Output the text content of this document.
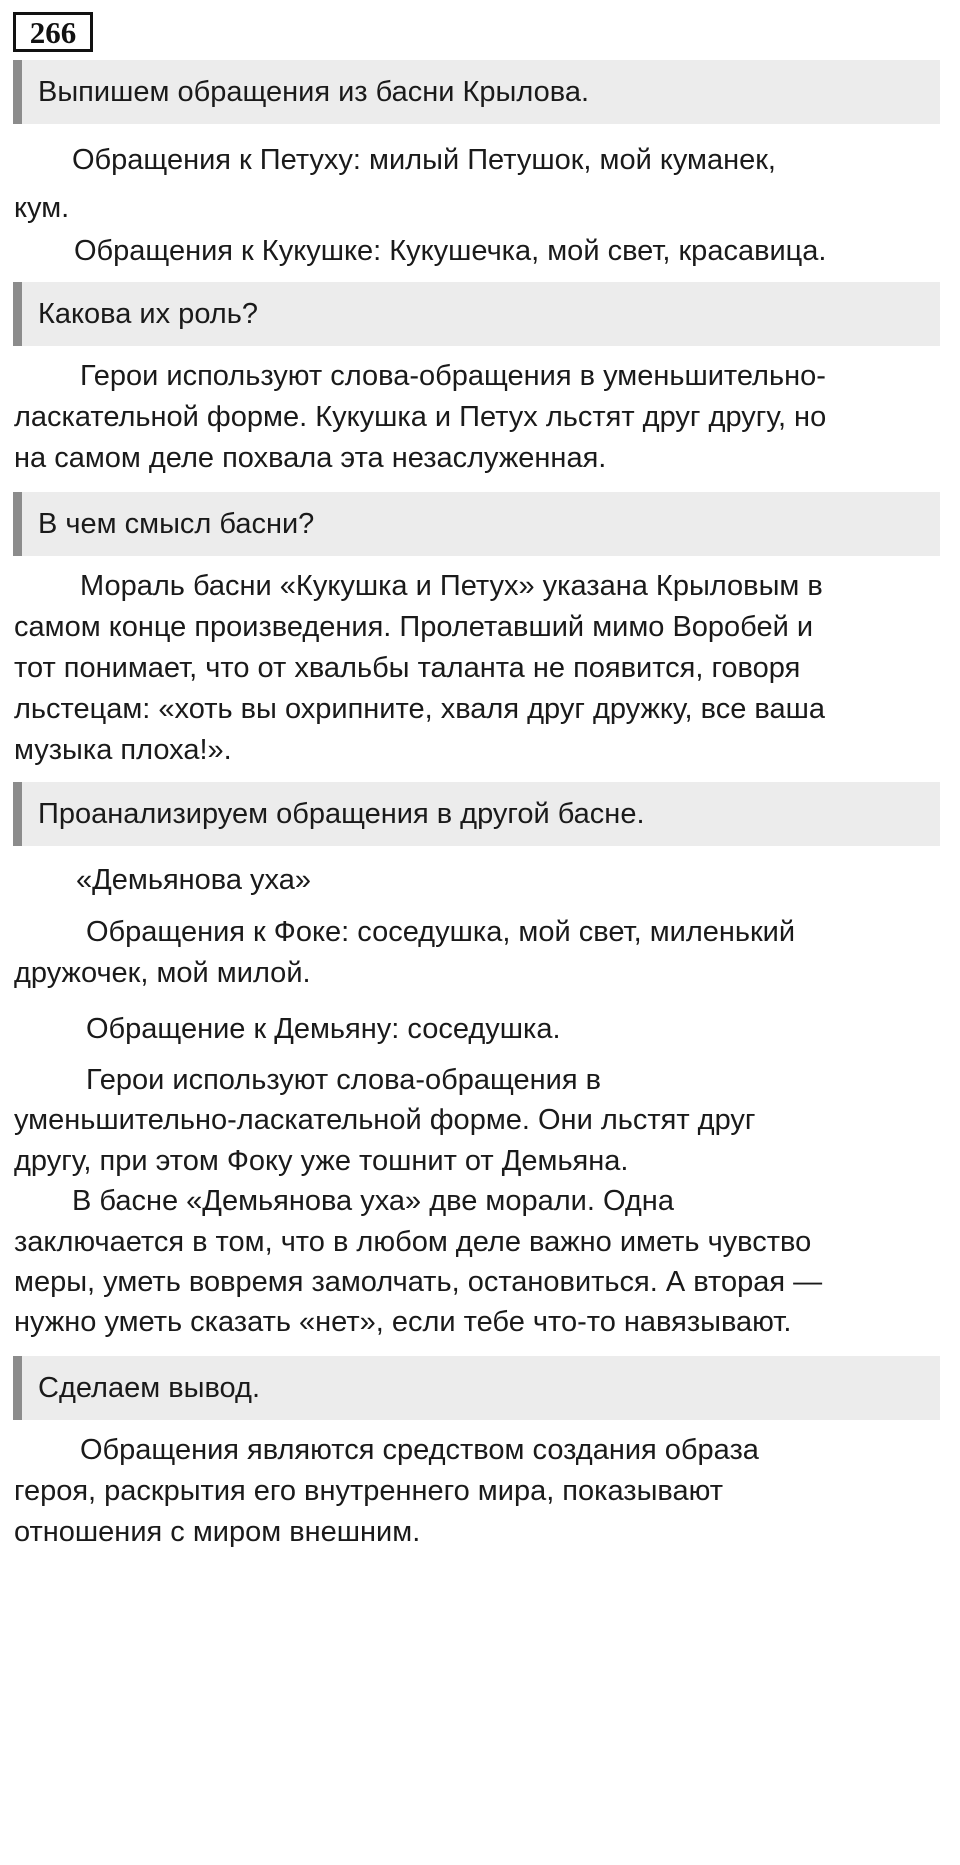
266
Выпишем обращения из басни Крылова.
Обращения к Петуху: милый Петушок, мой куманек,
кум.
Обращения к Кукушке: Кукушечка, мой свет, красавица.
Какова их роль?
Герои используют слова-обращения в уменьшительно-
ласкательной форме. Кукушка и Петух льстят друг другу, но
на самом деле похвала эта незаслуженная.
В чем смысл басни?
Мораль басни «Кукушка и Петух» указана Крыловым в
самом конце произведения. Пролетавший мимо Воробей и
тот понимает, что от хвальбы таланта не появится, говоря
льстецам: «хоть вы охрипните, хваля друг дружку, все ваша
музыка плоха!».
Проанализируем обращения в другой басне.
«Демьянова уха»
Обращения к Фоке: соседушка, мой свет, миленький
дружочек, мой милой.
Обращение к Демьяну: соседушка.
Герои используют слова-обращения в
уменьшительно-ласкательной форме. Они льстят друг
другу, при этом Фоку уже тошнит от Демьяна.
В басне «Демьянова уха» две морали. Одна
заключается в том, что в любом деле важно иметь чувство
меры, уметь вовремя замолчать, остановиться. А вторая —
нужно уметь сказать «нет», если тебе что-то навязывают.
Сделаем вывод.
Обращения являются средством создания образа
героя, раскрытия его внутреннего мира, показывают
отношения с миром внешним.
